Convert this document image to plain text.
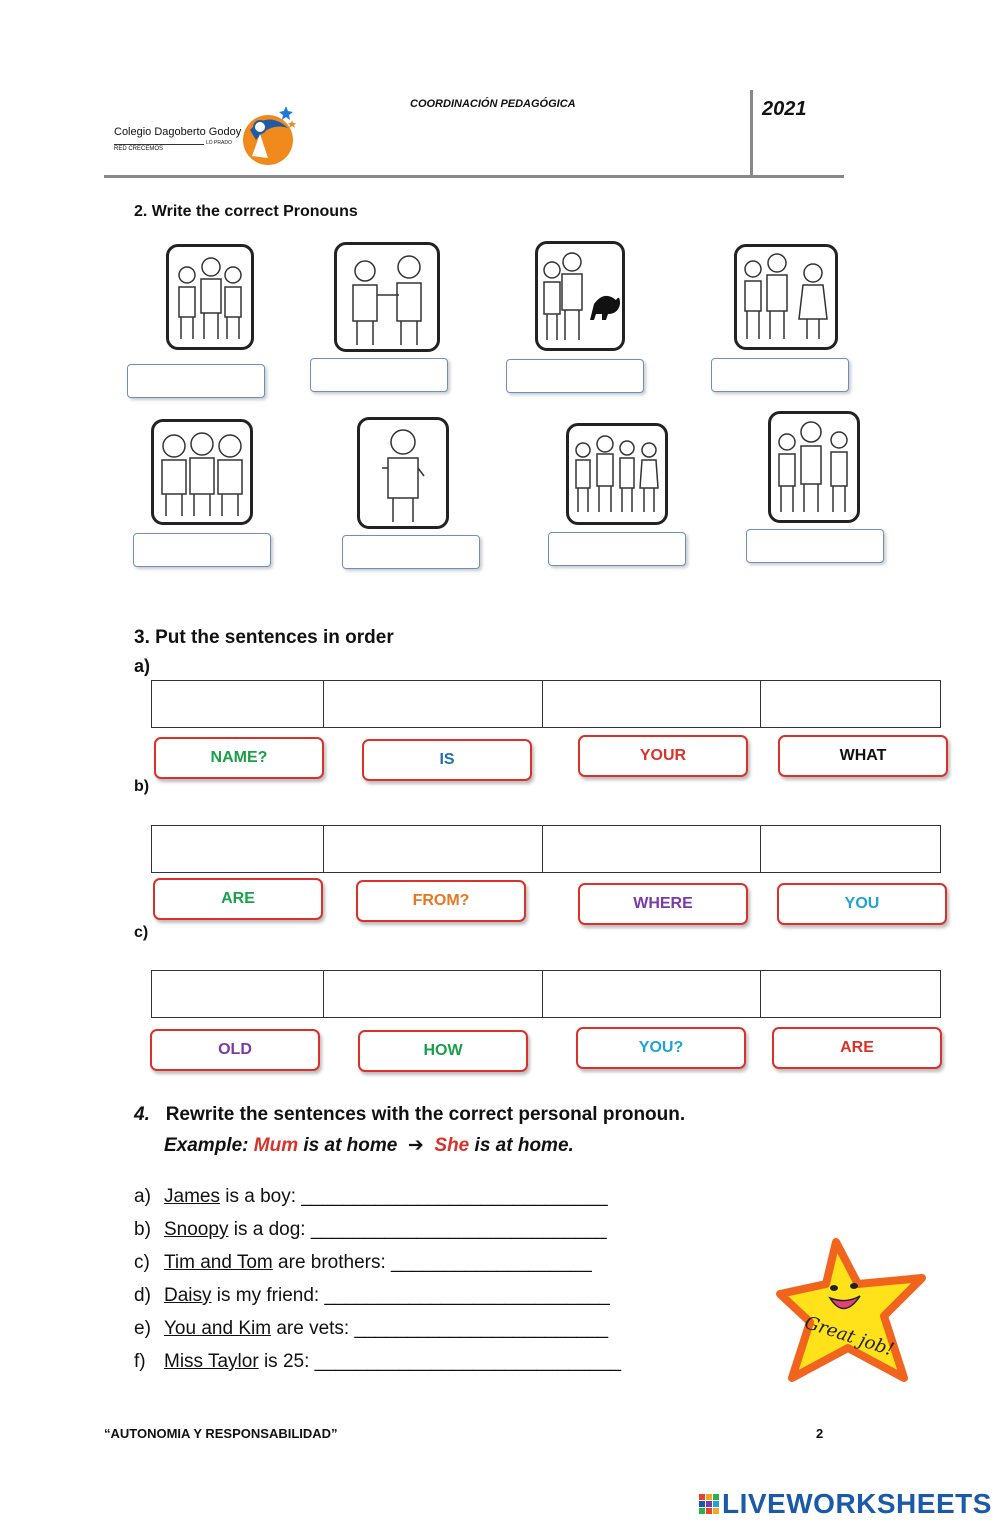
Colegio Dagoberto Godoy
RED CRECEMOS
LO PRADO
COORDINACIÓN PEDAGÓGICA	2021
2. Write the correct Pronouns
3. Put the sentences in order
a)
NAME?	IS	YOUR	WHAT
b)
ARE	FROM?	WHERE	YOU
c)
OLD	HOW	YOU?	ARE
4. Rewrite the sentences with the correct personal pronoun.
Example: Mum is at home  ➔  She is at home.
a) James is a boy: _____________________________
b) Snoopy is a dog: ____________________________
c) Tim and Tom are brothers: ___________________
d) Daisy is my friend: ___________________________
e) You and Kim are vets: ________________________
f) Miss Taylor is 25: _____________________________
Great job!
“AUTONOMIA Y RESPONSABILIDAD”	2
LIVEWORKSHEETS
